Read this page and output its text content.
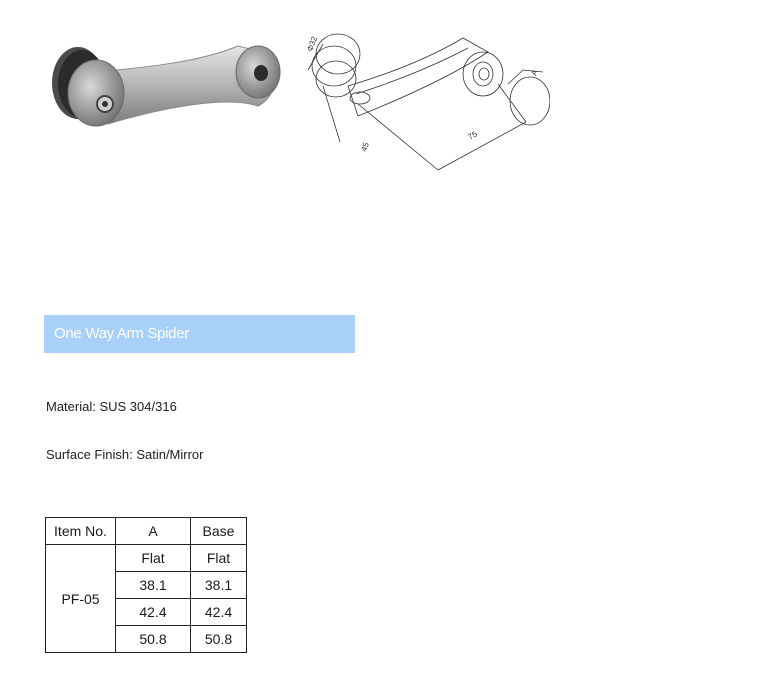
Φ32
A
75
45
One Way Arm Spider
Material: SUS 304/316
Surface Finish: Satin/Mirror
Item No.	A	Base
PF-05	Flat	Flat
	38.1	38.1
	42.4	42.4
	50.8	50.8
